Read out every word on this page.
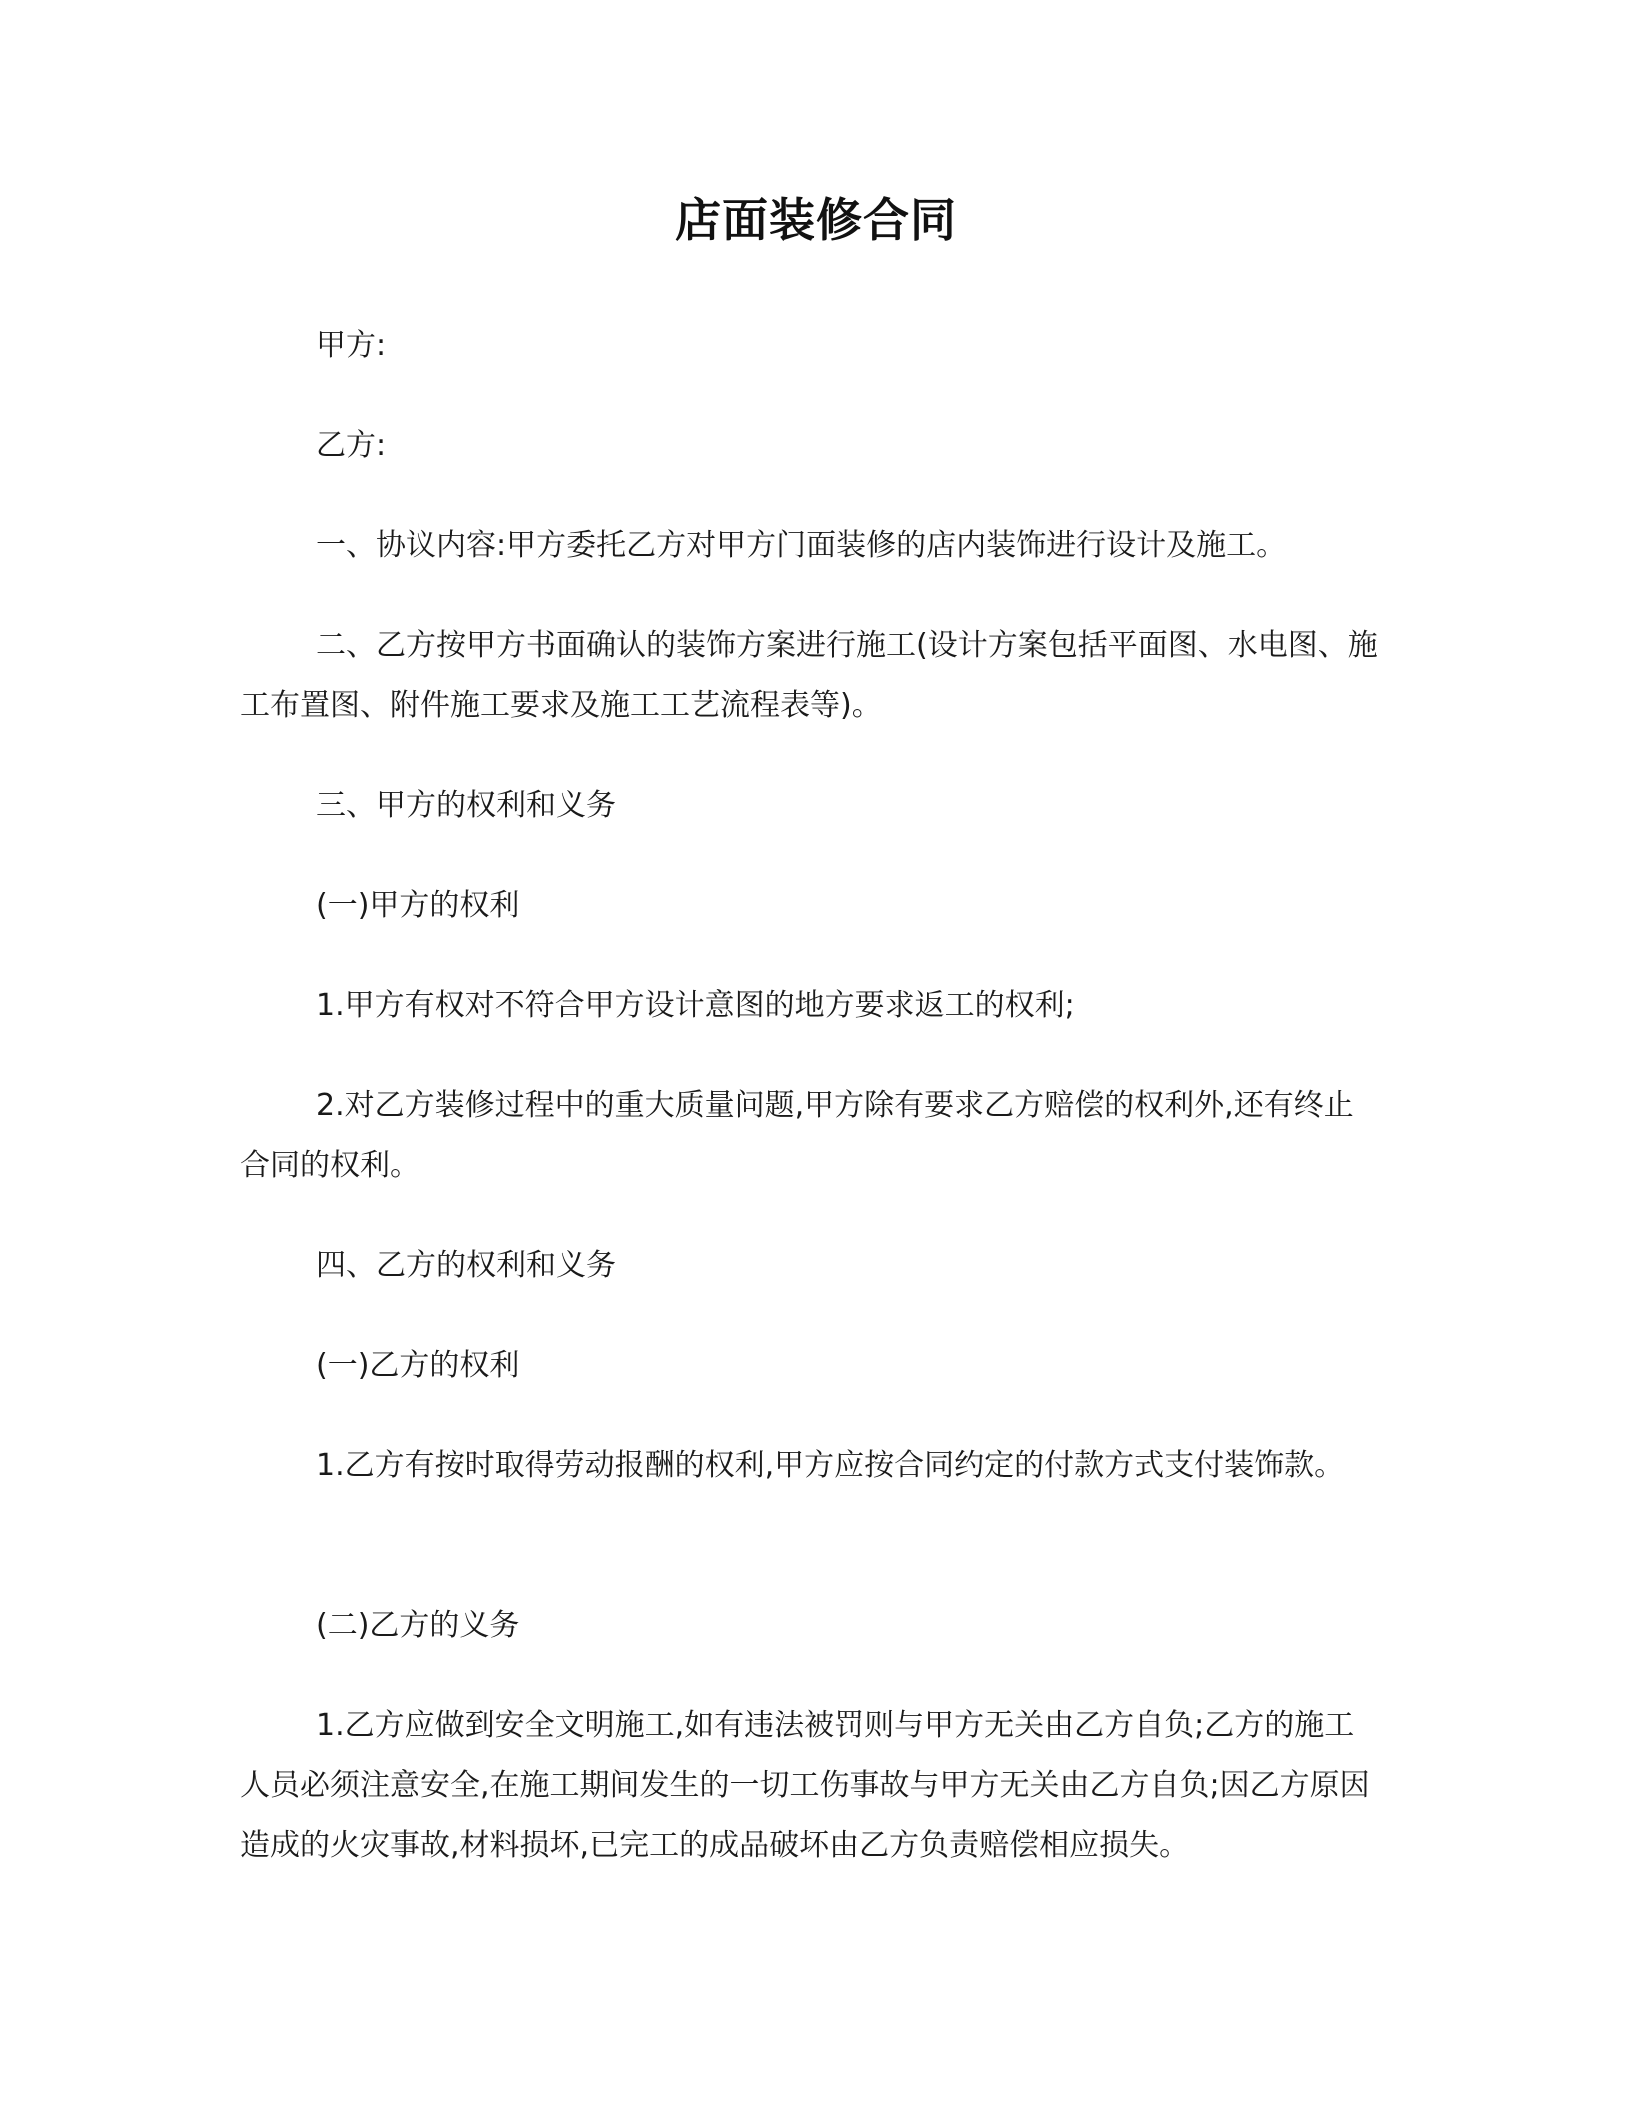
店面装修合同

甲方:

乙方:

一、协议内容:甲方委托乙方对甲方门面装修的店内装饰进行设计及施工。

二、乙方按甲方书面确认的装饰方案进行施工(设计方案包括平面图、水电图、施工布置图、附件施工要求及施工工艺流程表等)。

三、甲方的权利和义务

(一)甲方的权利

1.甲方有权对不符合甲方设计意图的地方要求返工的权利;

2.对乙方装修过程中的重大质量问题,甲方除有要求乙方赔偿的权利外,还有终止合同的权利。

四、乙方的权利和义务

(一)乙方的权利

1.乙方有按时取得劳动报酬的权利,甲方应按合同约定的付款方式支付装饰款。

(二)乙方的义务

1.乙方应做到安全文明施工,如有违法被罚则与甲方无关由乙方自负;乙方的施工人员必须注意安全,在施工期间发生的一切工伤事故与甲方无关由乙方自负;因乙方原因造成的火灾事故,材料损坏,已完工的成品破坏由乙方负责赔偿相应损失。
